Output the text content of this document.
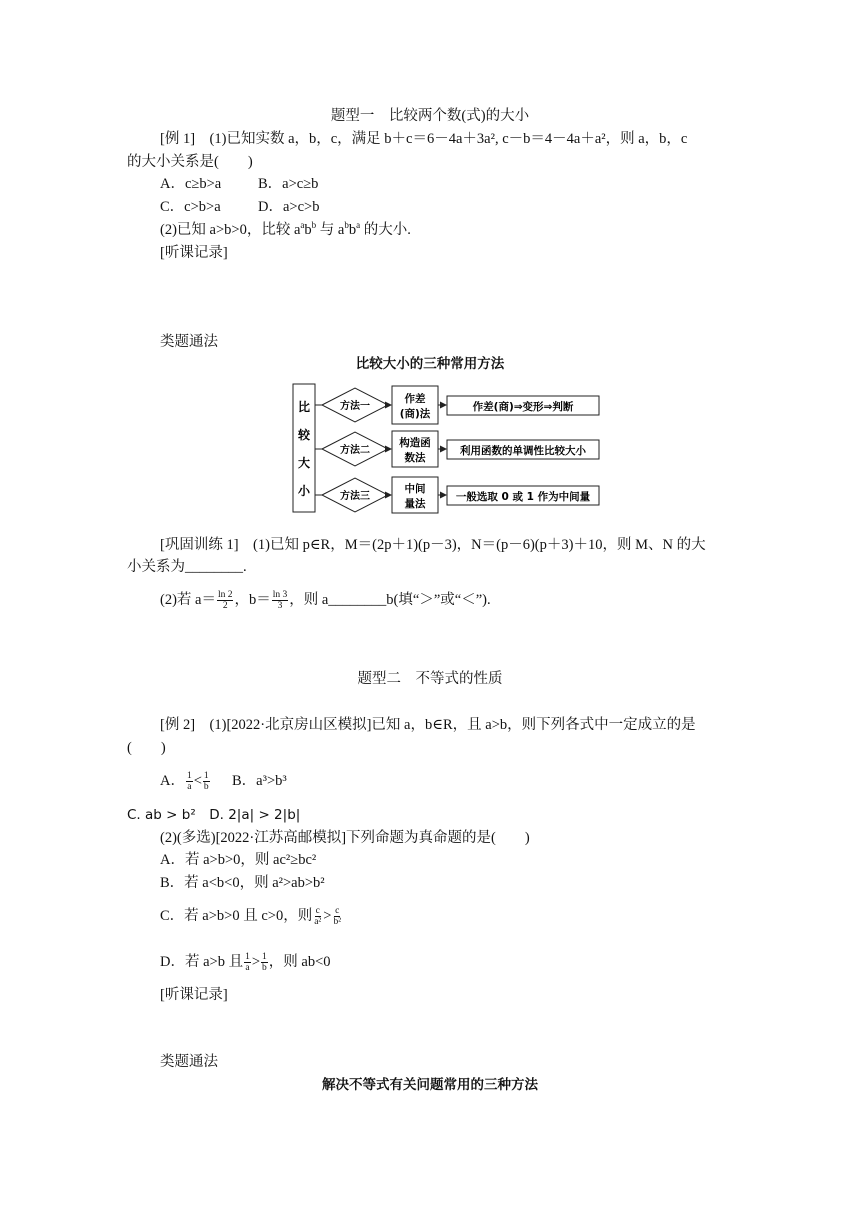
题型一　比较两个数(式)的大小
[例 1]　(1)已知实数 a，b，c，满足 b＋c＝6－4a＋3a², c－b＝4－4a＋a²，则 a，b，c
的大小关系是(　　)
A．c≥b>a	B．a>c≥b
C．c>b>a	D．a>c>b
(2)已知 a>b>0，比较 $a^ab^b$ 与 $a^bb^a$ 的大小.
[听课记录]
类题通法
比较大小的三种常用方法
比
较
大
小
方法一
作差
(商)法
作差(商)⇒变形⇒判断
方法二
构造函
数法
利用函数的单调性比较大小
方法三
中间
量法
一般选取 0 或 1 作为中间量
[巩固训练 1]　(1)已知 p∈R，M＝(2p＋1)(p－3)，N＝(p－6)(p＋3)＋10，则 M、N 的大
小关系为________.
(2)若 $a= \frac{\ln 2}{2}$ ，$b= \frac{\ln 3}{3}$ ，则 a________b(填“＞”或“＜”).
题型二　不等式的性质
[例 2]　(1)[2022·北京房山区模拟]已知 a，b∈R，且 a>b，则下列各式中一定成立的是
(　　)
A． $\frac{1}{a} < \frac{1}{b}$ B．a³>b³
C. ab > b²　D. 2|a| > 2|b|
(2)(多选)[2022·江苏高邮模拟]下列命题为真命题的是(　　)
A．若 a>b>0，则 ac²≥bc²
B．若 a<b<0，则 a²>ab>b²
C．若 a>b>0 且 c>0，则 $\frac{c}{\text{a²}} > \frac{c}{\text{b²}}$
D．若 a>b 且 $\frac{1}{a} > \frac{1}{b}$ ，则 ab<0
[听课记录]
类题通法
解决不等式有关问题常用的三种方法
